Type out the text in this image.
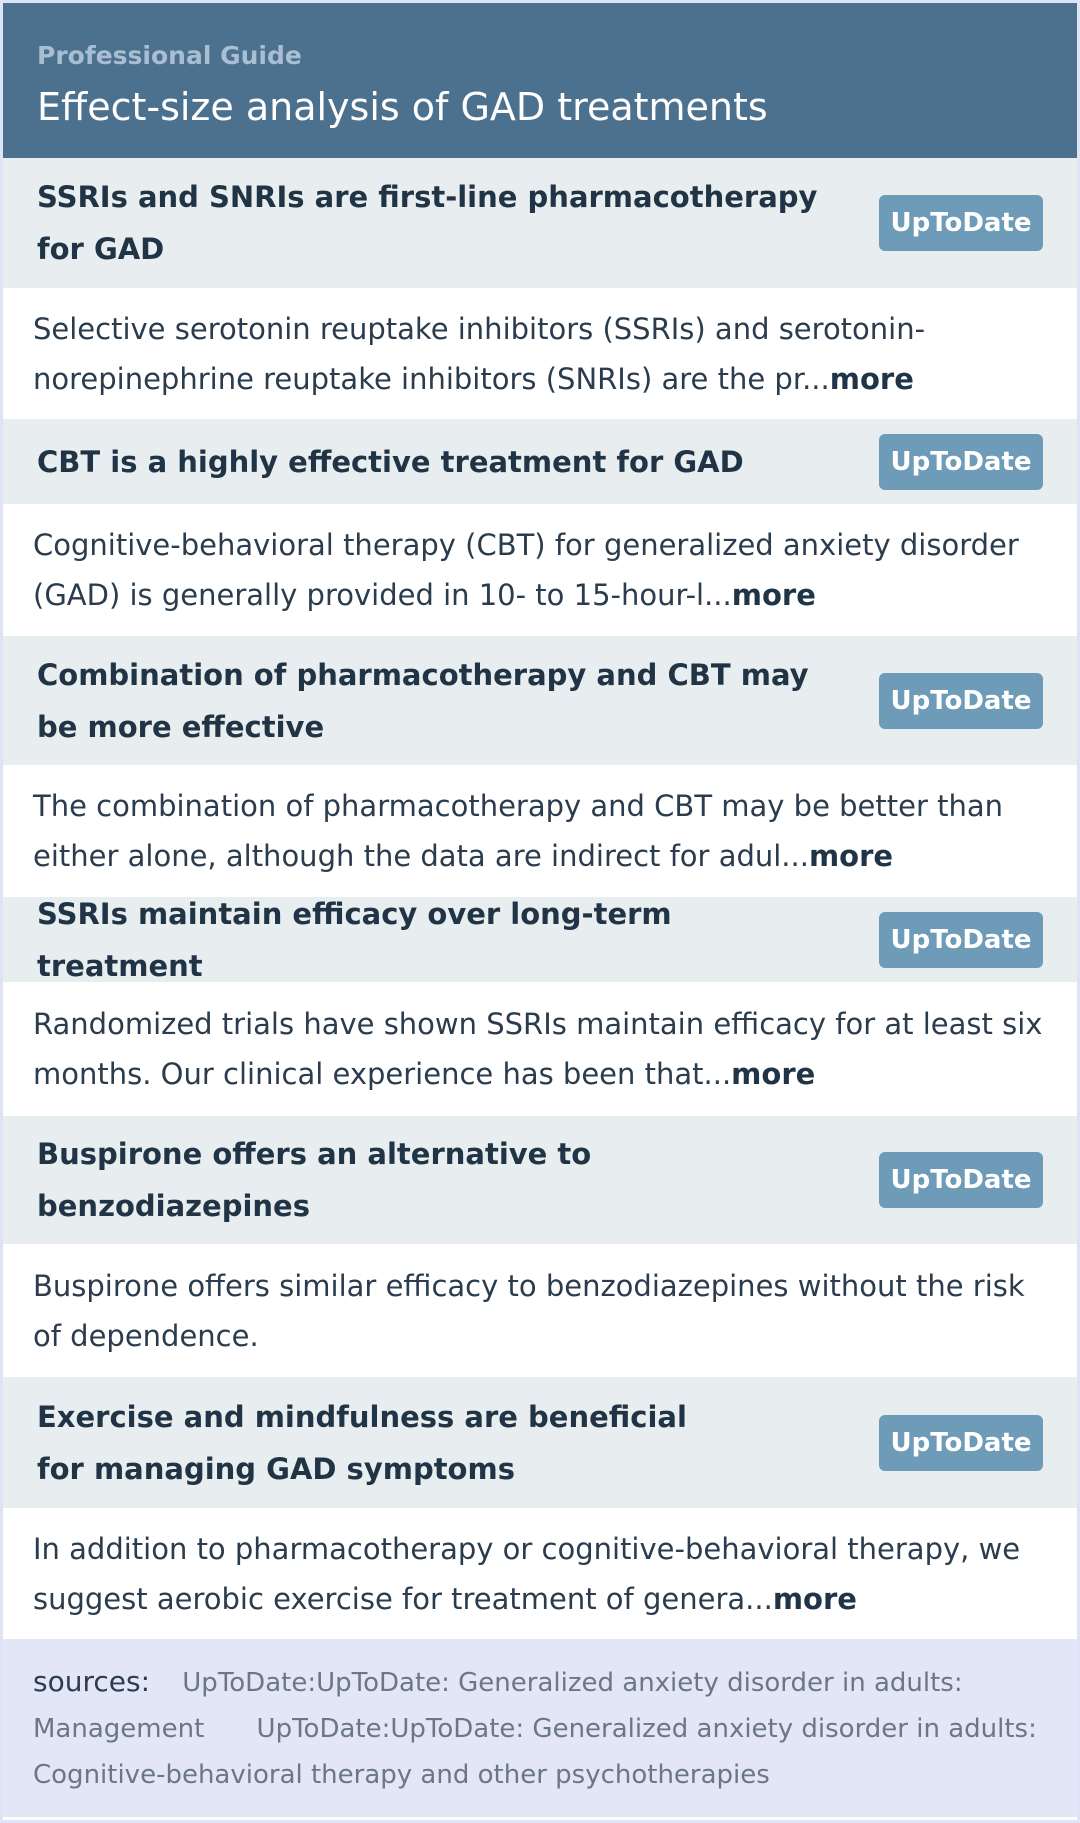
Professional Guide
Effect-size analysis of GAD treatments
SSRIs and SNRIs are first-line pharmacotherapy for GAD
UpToDate
Selective serotonin reuptake inhibitors (SSRIs) and serotonin-norepinephrine reuptake inhibitors (SNRIs) are the pr...more
CBT is a highly effective treatment for GAD	UpToDate
Cognitive-behavioral therapy (CBT) for generalized anxiety disorder (GAD) is generally provided in 10- to 15-hour-l...more
Combination of pharmacotherapy and CBT may be more effective
UpToDate
The combination of pharmacotherapy and CBT may be better than either alone, although the data are indirect for adul...more
SSRIs maintain efficacy over long-term treatment
UpToDate
Randomized trials have shown SSRIs maintain efficacy for at least six months. Our clinical experience has been that...more
Buspirone offers an alternative to benzodiazepines
UpToDate
Buspirone offers similar efficacy to benzodiazepines without the risk of dependence.
Exercise and mindfulness are beneficial for managing GAD symptoms
UpToDate
In addition to pharmacotherapy or cognitive-behavioral therapy, we suggest aerobic exercise for treatment of genera...more
sources: UpToDate:UpToDate: Generalized anxiety disorder in adults: Management UpToDate:UpToDate: Generalized anxiety disorder in adults: Cognitive-behavioral therapy and other psychotherapies
